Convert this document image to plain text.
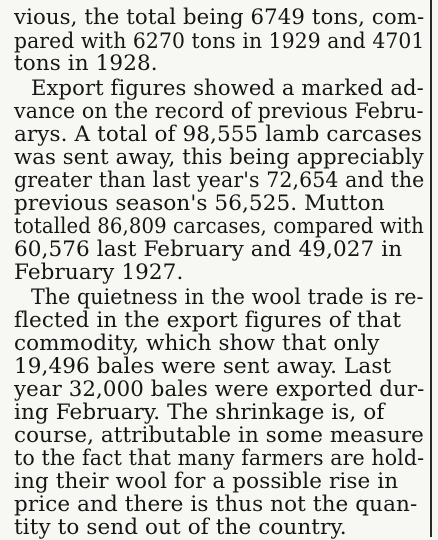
vious, the total being 6749 tons, com-
pared with 6270 tons in 1929 and 4701
tons in 1928.
Export figures showed a marked ad-
vance on the record of previous Febru-
arys. A total of 98,555 lamb carcases
was sent away, this being appreciably
greater than last year's 72,654 and the
previous season's 56,525. Mutton
totalled 86,809 carcases, compared with
60,576 last February and 49,027 in
February 1927.
The quietness in the wool trade is re-
flected in the export figures of that
commodity, which show that only
19,496 bales were sent away. Last
year 32,000 bales were exported dur-
ing February. The shrinkage is, of
course, attributable in some measure
to the fact that many farmers are hold-
ing their wool for a possible rise in
price and there is thus not the quan-
tity to send out of the country.
